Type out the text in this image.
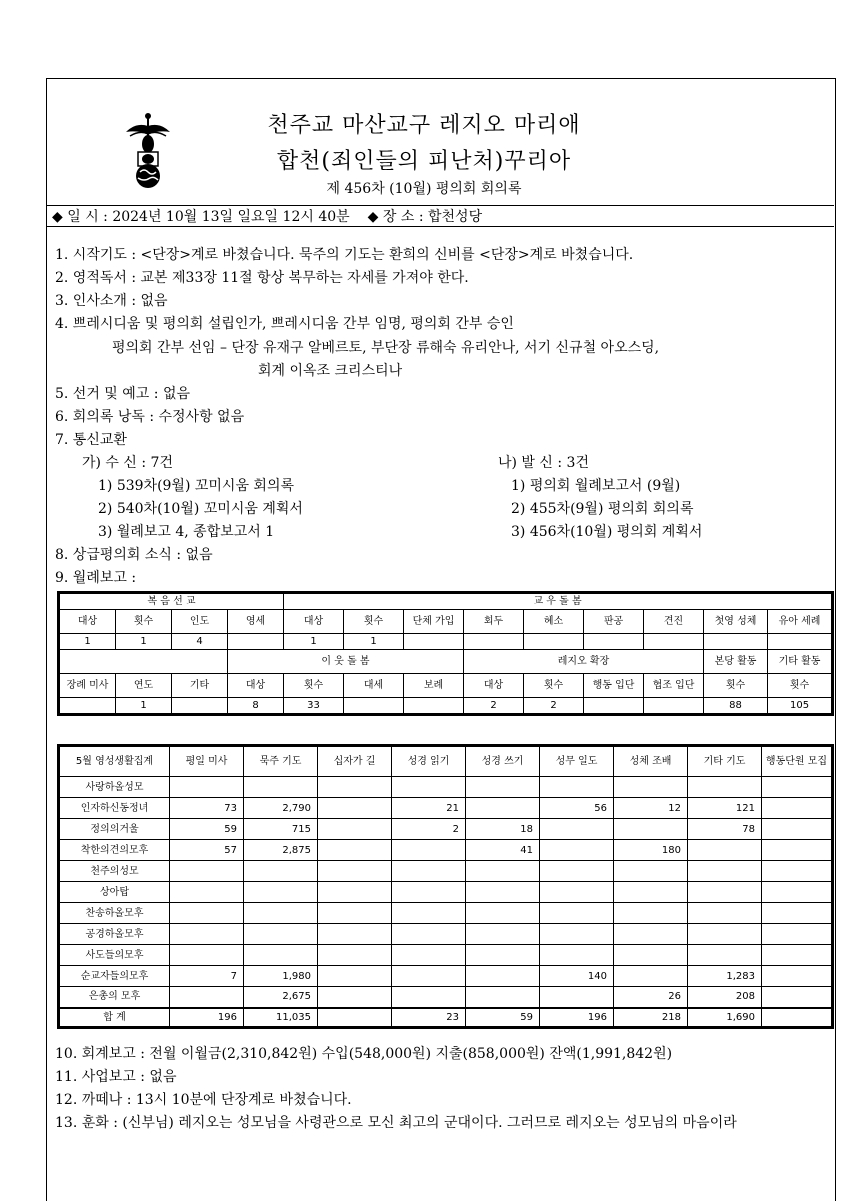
천주교 마산교구 레지오 마리애
합천(죄인들의 피난처)꾸리아
제 456차 (10월) 평의회 회의록
◆ 일 시 : 2024년 10월 13일 일요일 12시 40분 ◆ 장 소 : 합천성당
1. 시작기도 : <단장>계로 바쳤습니다. 묵주의 기도는 환희의 신비를 <단장>계로 바쳤습니다.
2. 영적독서 : 교본 제33장 11절 항상 복무하는 자세를 가져야 한다.
3. 인사소개 : 없음
4. 쁘레시디움 및 평의회 설립인가, 쁘레시디움 간부 임명, 평의회 간부 승인
평의회 간부 선임 – 단장 유재구 알베르토, 부단장 류해숙 유리안나, 서기 신규철 아오스딩,
회계 이옥조 크리스티나
5. 선거 및 예고 : 없음
6. 회의록 낭독 : 수정사항 없음
7. 통신교환
가) 수 신 : 7건	나) 발 신 : 3건
1) 539차(9월) 꼬미시움 회의록	1) 평의회 월례보고서 (9월)
2) 540차(10월) 꼬미시움 계획서	2) 455차(9월) 평의회 회의록
3) 월례보고 4, 종합보고서 1	3) 456차(10월) 평의회 계획서
8. 상급평의회 소식 : 없음
9. 월례보고 :
복 음 선 교				교 우 돌 봄								
대상	횟수	인도	영세	대상	횟수	단체 가입	회두	혜소	판공	견진	첫영 성체	유아 세례
1	1	4		1	1							
			이 웃 돌 봄				레지오 확장				본당 활동	기타 활동
장례 미사	연도	기타	대상	횟수	대세	보례	대상	횟수	행동 입단	협조 입단	횟수	횟수
	1		8	33			2	2			88	105
5월 영성생활집계	평일 미사	묵주 기도	십자가 길	성경 읽기	성경 쓰기	성무 일도	성체 조배	기타 기도	행동단원 모집
사랑하올성모									
인자하신동정녀	73	2,790		21		56	12	121	
정의의거울	59	715		2	18			78	
착한의견의모후	57	2,875			41		180		
천주의성모									
상아탑									
찬송하올모후									
공경하올모후									
사도들의모후									
순교자들의모후	7	1,980				140		1,283	
은총의 모후		2,675					26	208	
합 계	196	11,035		23	59	196	218	1,690	
10. 회계보고 : 전월 이월금(2,310,842원) 수입(548,000원) 지출(858,000원) 잔액(1,991,842원)
11. 사업보고 : 없음
12. 까떼나 : 13시 10분에 단장계로 바쳤습니다.
13. 훈화 : (신부님) 레지오는 성모님을 사령관으로 모신 최고의 군대이다. 그러므로 레지오는 성모님의 마음이라
